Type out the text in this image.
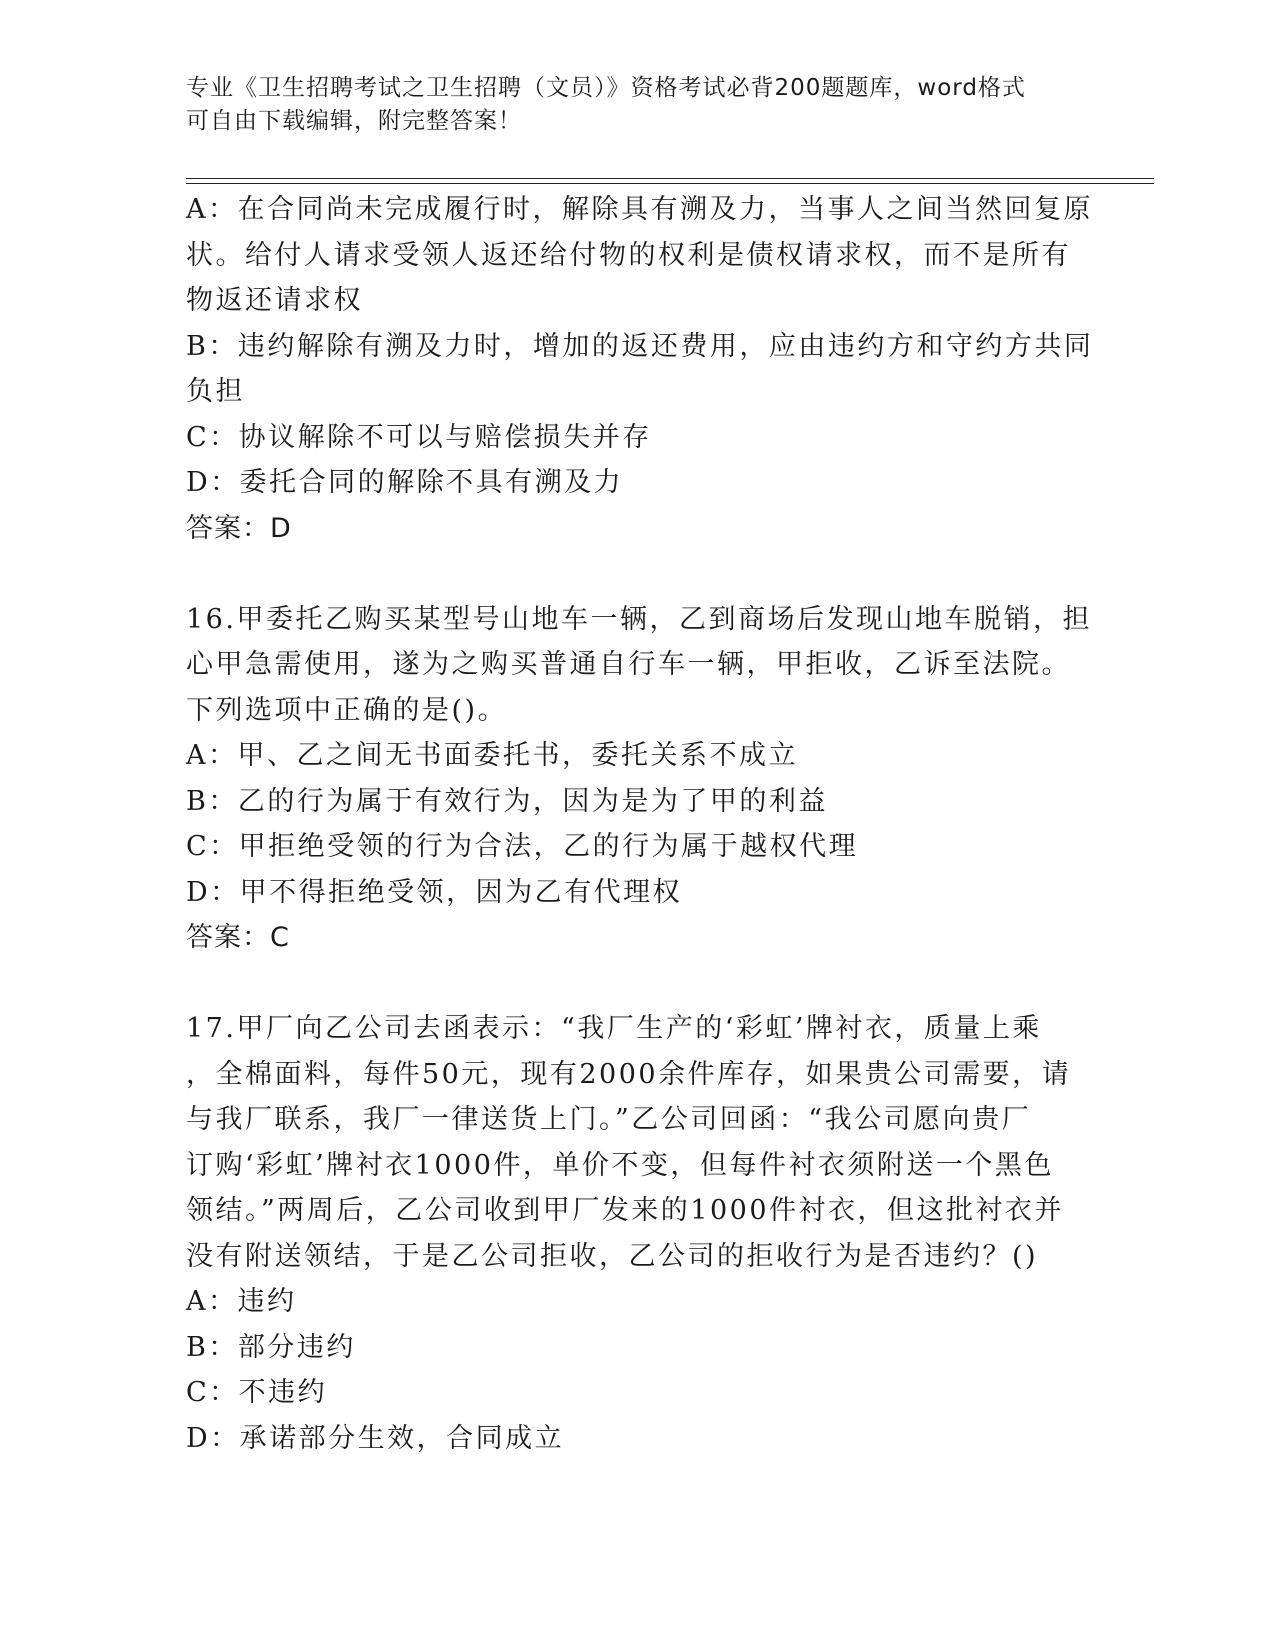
专业《卫生招聘考试之卫生招聘（文员）》资格考试必背200题题库，word格式
可自由下载编辑，附完整答案！
A：在合同尚未完成履行时，解除具有溯及力，当事人之间当然回复原
状。给付人请求受领人返还给付物的权利是债权请求权，而不是所有
物返还请求权
B：违约解除有溯及力时，增加的返还费用，应由违约方和守约方共同
负担
C：协议解除不可以与赔偿损失并存
D：委托合同的解除不具有溯及力
答案：D
16.甲委托乙购买某型号山地车一辆，乙到商场后发现山地车脱销，担
心甲急需使用，遂为之购买普通自行车一辆，甲拒收，乙诉至法院。
下列选项中正确的是()。
A：甲、乙之间无书面委托书，委托关系不成立
B：乙的行为属于有效行为，因为是为了甲的利益
C：甲拒绝受领的行为合法，乙的行为属于越权代理
D：甲不得拒绝受领，因为乙有代理权
答案：C
17.甲厂向乙公司去函表示：“我厂生产的‘彩虹’牌衬衣，质量上乘
，全棉面料，每件50元，现有2000余件库存，如果贵公司需要，请
与我厂联系，我厂一律送货上门。”乙公司回函：“我公司愿向贵厂
订购‘彩虹’牌衬衣1000件，单价不变，但每件衬衣须附送一个黑色
领结。”两周后，乙公司收到甲厂发来的1000件衬衣，但这批衬衣并
没有附送领结，于是乙公司拒收，乙公司的拒收行为是否违约？()
A：违约
B：部分违约
C：不违约
D：承诺部分生效，合同成立
